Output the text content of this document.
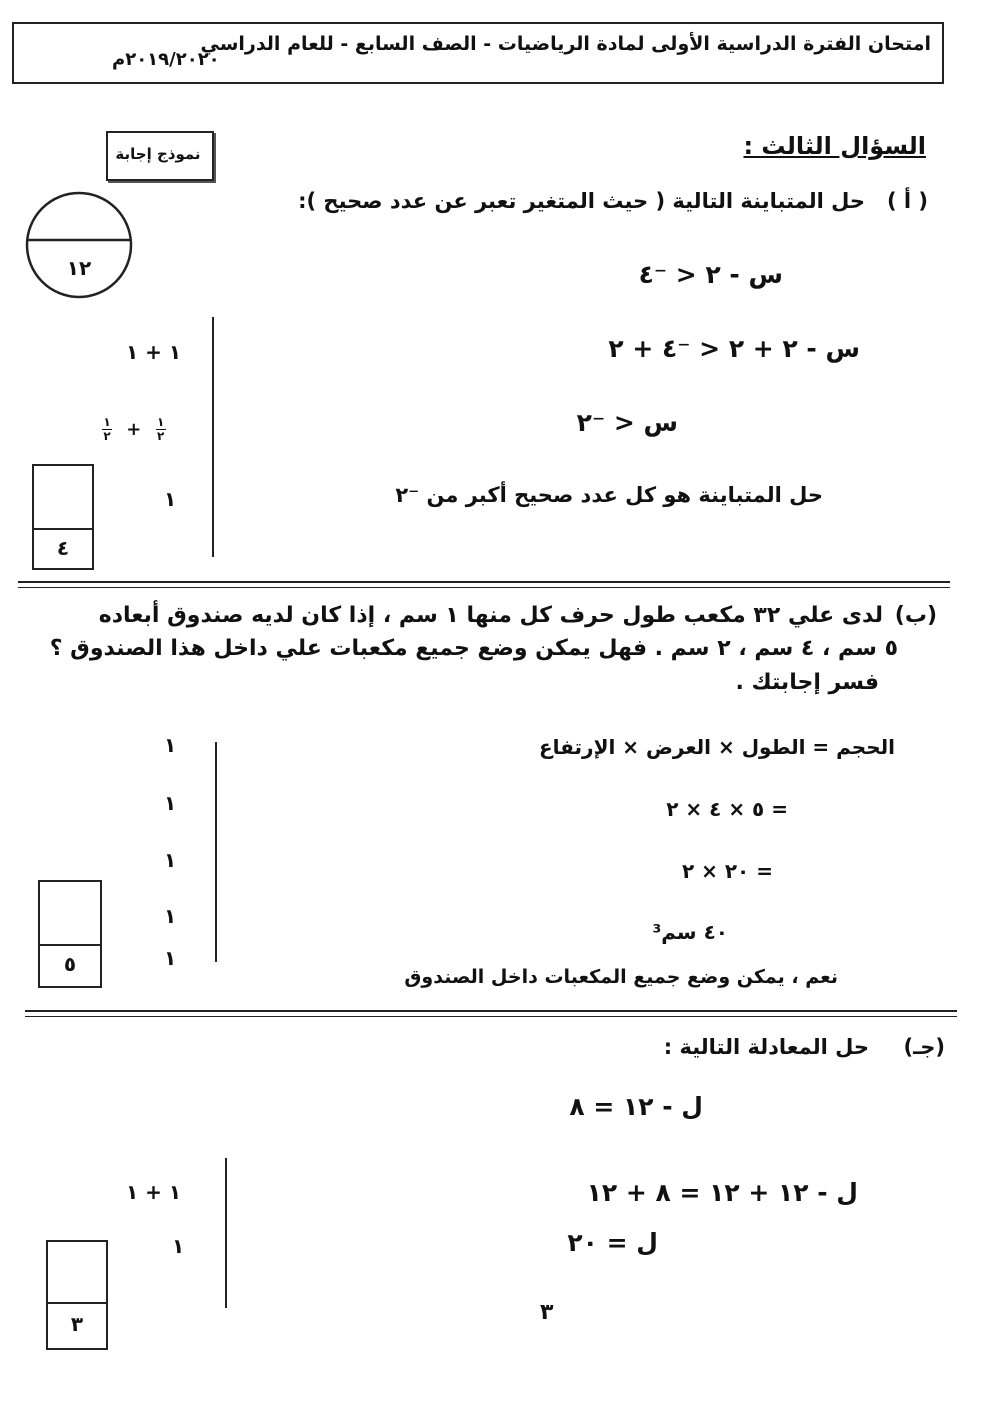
امتحان الفترة الدراسية الأولى لمادة الرياضيات - الصف السابع - للعام الدراسي
٢٠١٩/٢٠٢٠م
نموذج إجابة	السؤال الثالث :
١٢
( أ )
حل المتباينة التالية ( حيث المتغير تعبر عن عدد صحيح ):
س - ٢ < ⁻٤
س - ٢ + ٢ < ⁻٤ + ٢
س < ⁻٢
حل المتباينة هو كل عدد صحيح أكبر من ⁻٢
١ + ١
$\frac{١}{٢} + \frac{١}{٢}$
١
٤
(ب)
لدى علي ٣٢ مكعب طول حرف كل منها ١ سم ، إذا كان لديه صندوق أبعاده
٥ سم ، ٤ سم ، ٢ سم . فهل يمكن وضع جميع مكعبات علي داخل هذا الصندوق ؟
فسر إجابتك .
الحجم = الطول × العرض × الإرتفاع
= ٥ × ٤ × ٢
= ٢٠ × ٢
٤٠ سم³
نعم ، يمكن وضع جميع المكعبات داخل الصندوق
١
١
١
١
١
٥
(جـ)
حل المعادلة التالية :
ل - ١٢ = ٨
ل - ١٢ + ١٢ = ٨ + ١٢
ل = ٢٠
١ + ١
١
٣	٣
